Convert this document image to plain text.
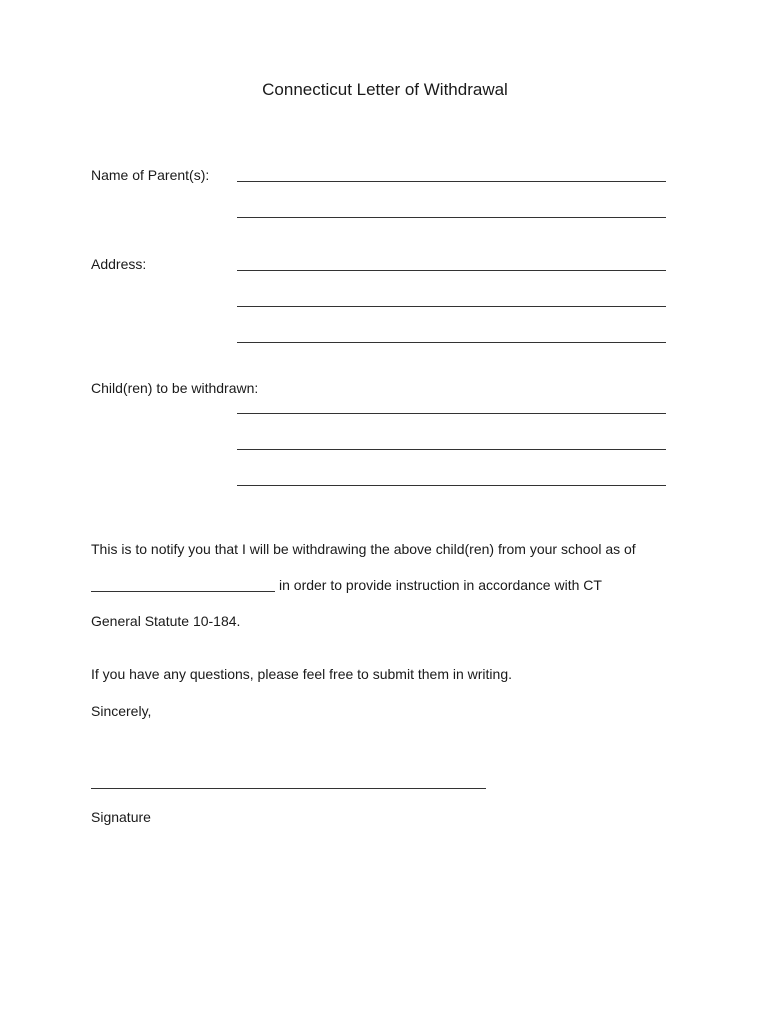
Connecticut Letter of Withdrawal
Name of Parent(s):
Address:
Child(ren) to be withdrawn:
This is to notify you that I will be withdrawing the above child(ren) from your school as of
in order to provide instruction in accordance with CT
General Statute 10-184.
If you have any questions, please feel free to submit them in writing.
Sincerely,
Signature
